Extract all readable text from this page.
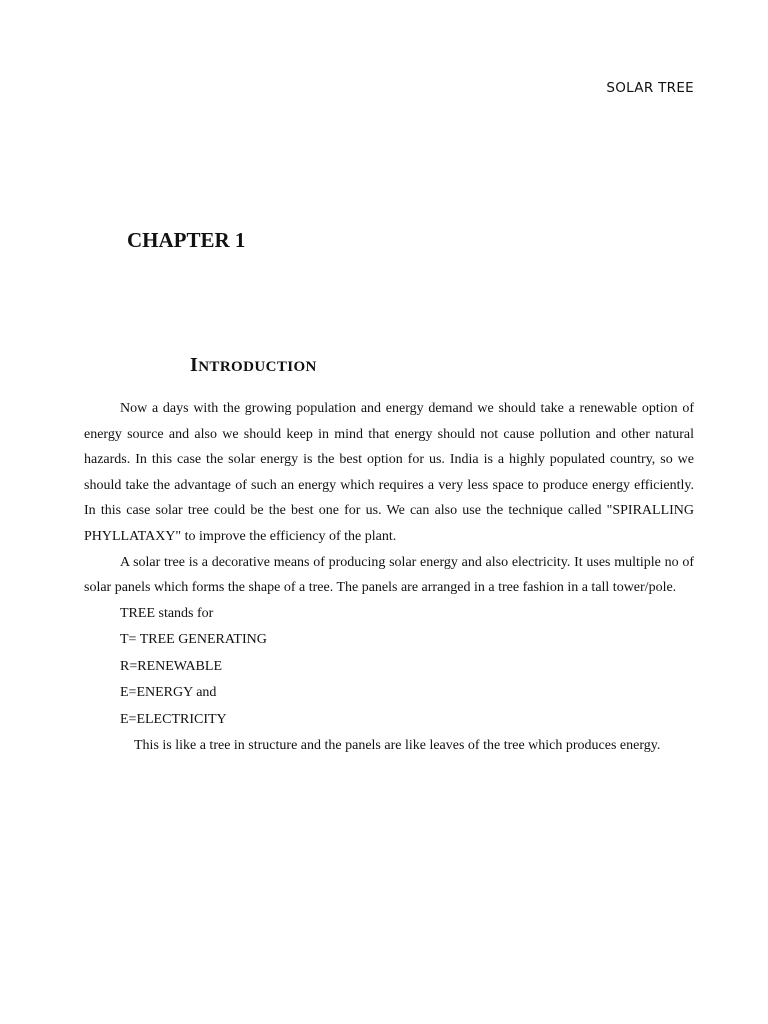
SOLAR TREE
CHAPTER 1
INTRODUCTION

Now a days with the growing population and energy demand we should take a renewable option of energy source and also we should keep in mind that energy should not cause pollution and other natural hazards. In this case the solar energy is the best option for us. India is a highly populated country, so we should take the advantage of such an energy which requires a very less space to produce energy efficiently. In this case solar tree could be the best one for us. We can also use the technique called "SPIRALLING PHYLLATAXY" to improve the efficiency of the plant.

A solar tree is a decorative means of producing solar energy and also electricity. It uses multiple no of solar panels which forms the shape of a tree. The panels are arranged in a tree fashion in a tall tower/pole.

TREE stands for
T= TREE GENERATING
R=RENEWABLE
E=ENERGY and
E=ELECTRICITY
This is like a tree in structure and the panels are like leaves of the tree which produces energy.
